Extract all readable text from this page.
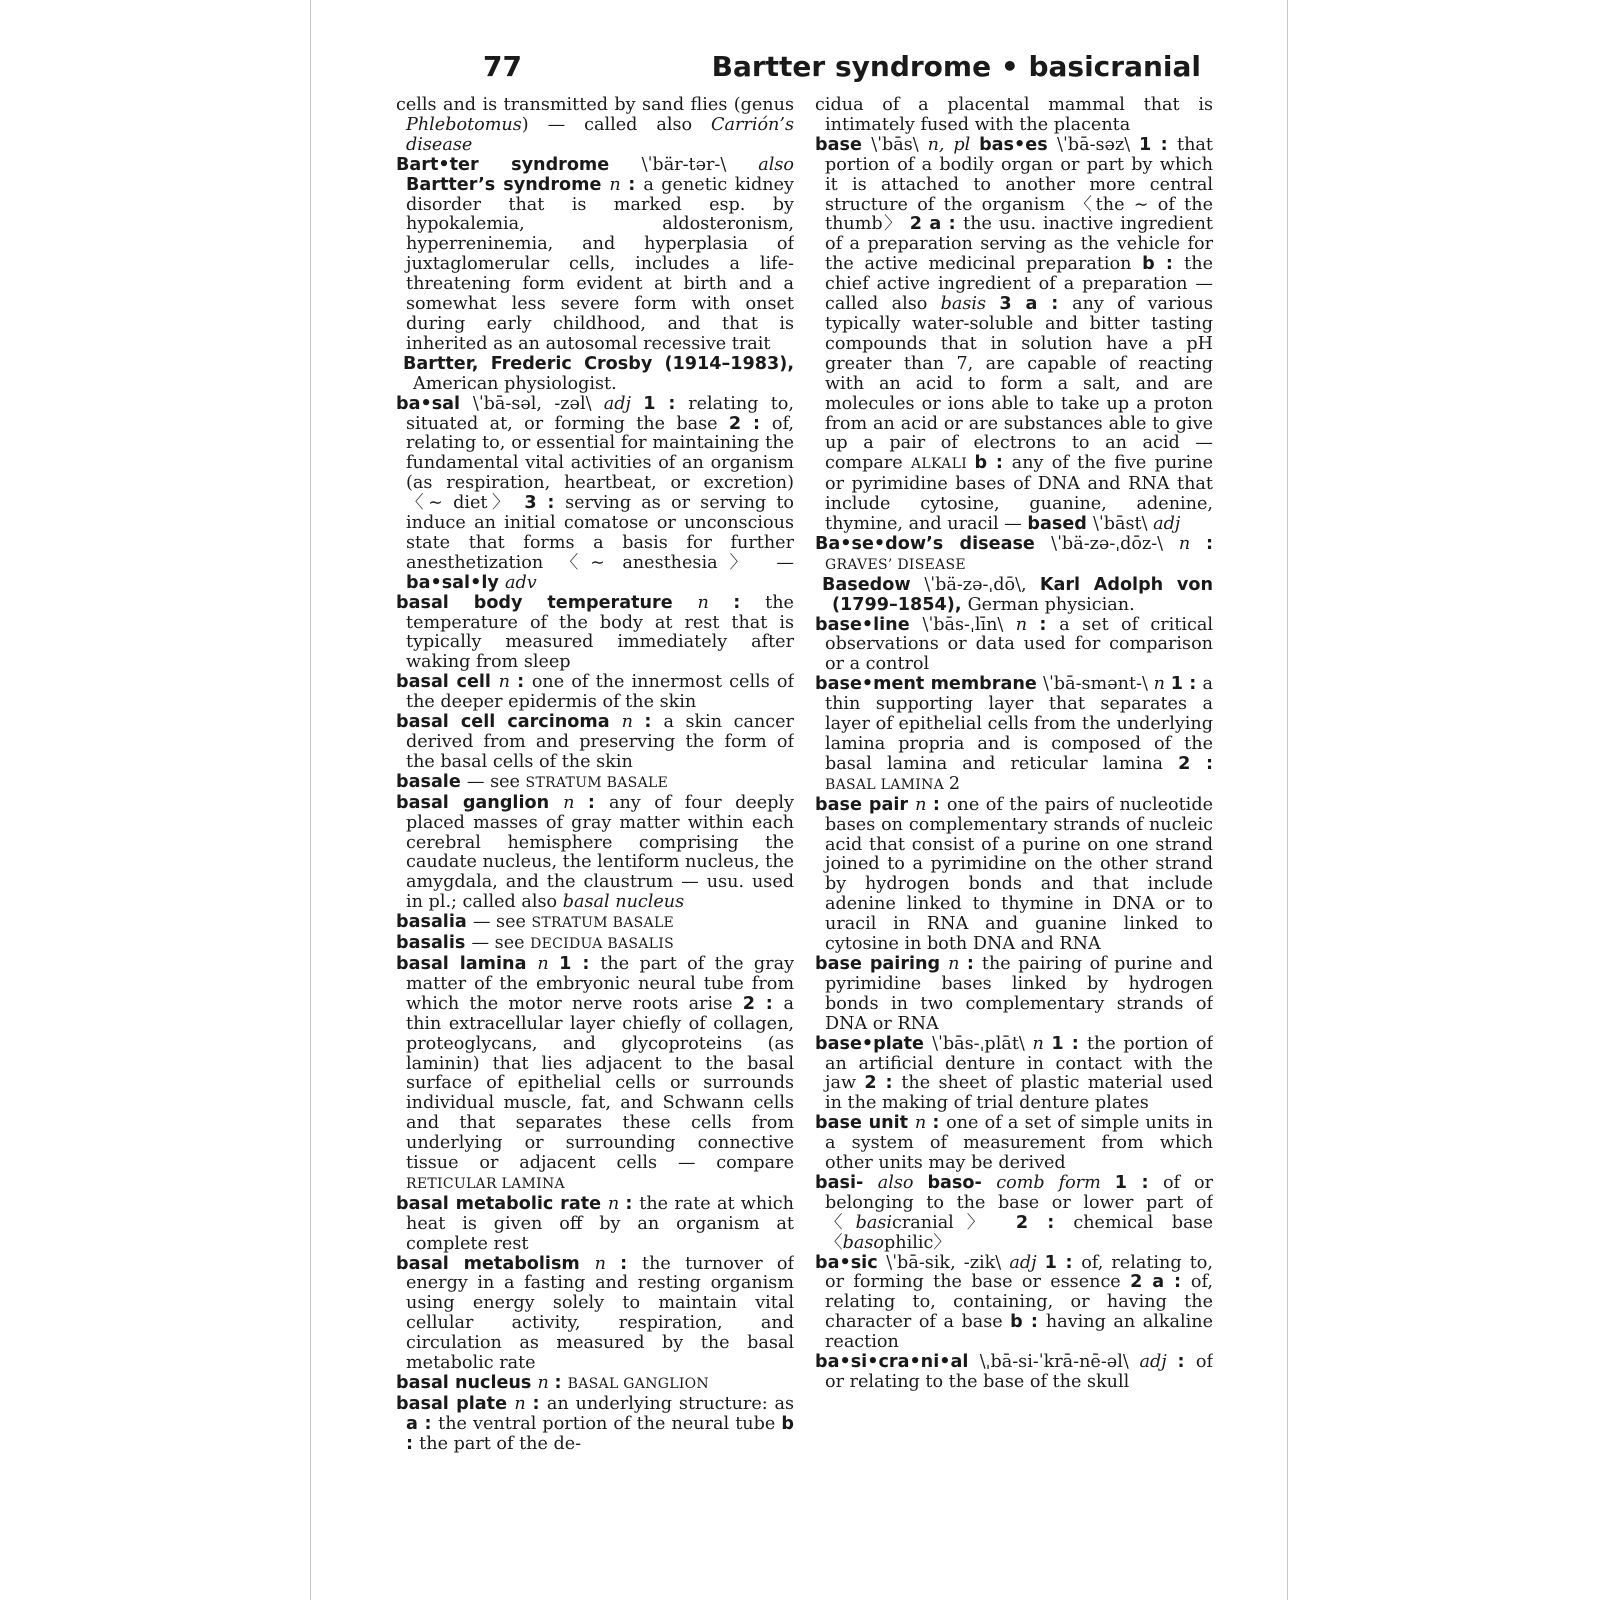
77	Bartter syndrome • basicranial

cells and is transmitted by sand flies (genus Phlebotomus) — called also Carrión’s disease

Bart•ter syndrome \ˈbär-tər-\ also Bartter’s syndrome n : a genetic kidney disorder that is marked esp. by hypokalemia, aldosteronism, hyperreninemia, and hyperplasia of juxtaglomerular cells, includes a life-threatening form evident at birth and a somewhat less severe form with onset during early childhood, and that is inherited as an autosomal recessive trait

Bartter, Frederic Crosby (1914–1983), American physiologist.

ba•sal \ˈbā-səl, -zəl\ adj 1 : relating to, situated at, or forming the base 2 : of, relating to, or essential for maintaining the fundamental vital activities of an organism (as respiration, heartbeat, or excretion) 〈∼ diet〉 3 : serving as or serving to induce an initial comatose or unconscious state that forms a basis for further anesthetization 〈∼ anesthesia〉 — ba•sal•ly adv

basal body temperature n : the temperature of the body at rest that is typically measured immediately after waking from sleep

basal cell n : one of the innermost cells of the deeper epidermis of the skin

basal cell carcinoma n : a skin cancer derived from and preserving the form of the basal cells of the skin

basale — see STRATUM BASALE

basal ganglion n : any of four deeply placed masses of gray matter within each cerebral hemisphere comprising the caudate nucleus, the lentiform nucleus, the amygdala, and the claustrum — usu. used in pl.; called also basal nucleus

basalia — see STRATUM BASALE

basalis — see DECIDUA BASALIS

basal lamina n 1 : the part of the gray matter of the embryonic neural tube from which the motor nerve roots arise 2 : a thin extracellular layer chiefly of collagen, proteoglycans, and glycoproteins (as laminin) that lies adjacent to the basal surface of epithelial cells or surrounds individual muscle, fat, and Schwann cells and that separates these cells from underlying or surrounding connective tissue or adjacent cells — compare RETICULAR LAMINA

basal metabolic rate n : the rate at which heat is given off by an organism at complete rest

basal metabolism n : the turnover of energy in a fasting and resting organism using energy solely to maintain vital cellular activity, respiration, and circulation as measured by the basal metabolic rate

basal nucleus n : BASAL GANGLION

basal plate n : an underlying structure: as a : the ventral portion of the neural tube b : the part of the de-

cidua of a placental mammal that is intimately fused with the placenta

base \ˈbās\ n, pl bas•es \ˈbā-səz\ 1 : that portion of a bodily organ or part by which it is attached to another more central structure of the organism 〈the ∼ of the thumb〉 2 a : the usu. inactive ingredient of a preparation serving as the vehicle for the active medicinal preparation b : the chief active ingredient of a preparation — called also basis 3 a : any of various typically water-soluble and bitter tasting compounds that in solution have a pH greater than 7, are capable of reacting with an acid to form a salt, and are molecules or ions able to take up a proton from an acid or are substances able to give up a pair of electrons to an acid — compare ALKALI b : any of the five purine or pyrimidine bases of DNA and RNA that include cytosine, guanine, adenine, thymine, and uracil — based \ˈbāst\ adj

Ba•se•dow’s disease \ˈbä-zə-ˌdōz-\ n : GRAVES’ DISEASE

Basedow \ˈbä-zə-ˌdō\, Karl Adolph von (1799–1854), German physician.

base•line \ˈbās-ˌlīn\ n : a set of critical observations or data used for comparison or a control

base•ment membrane \ˈbā-smənt-\ n 1 : a thin supporting layer that separates a layer of epithelial cells from the underlying lamina propria and is composed of the basal lamina and reticular lamina 2 : BASAL LAMINA 2

base pair n : one of the pairs of nucleotide bases on complementary strands of nucleic acid that consist of a purine on one strand joined to a pyrimidine on the other strand by hydrogen bonds and that include adenine linked to thymine in DNA or to uracil in RNA and guanine linked to cytosine in both DNA and RNA

base pairing n : the pairing of purine and pyrimidine bases linked by hydrogen bonds in two complementary strands of DNA or RNA

base•plate \ˈbās-ˌplāt\ n 1 : the portion of an artificial denture in contact with the jaw 2 : the sheet of plastic material used in the making of trial denture plates

base unit n : one of a set of simple units in a system of measurement from which other units may be derived

basi- also baso- comb form 1 : of or belonging to the base or lower part of 〈basicranial〉 2 : chemical base 〈basophilic〉

ba•sic \ˈbā-sik, -zik\ adj 1 : of, relating to, or forming the base or essence 2 a : of, relating to, containing, or having the character of a base b : having an alkaline reaction

ba•si•cra•ni•al \ˌbā-si-ˈkrā-nē-əl\ adj : of or relating to the base of the skull
